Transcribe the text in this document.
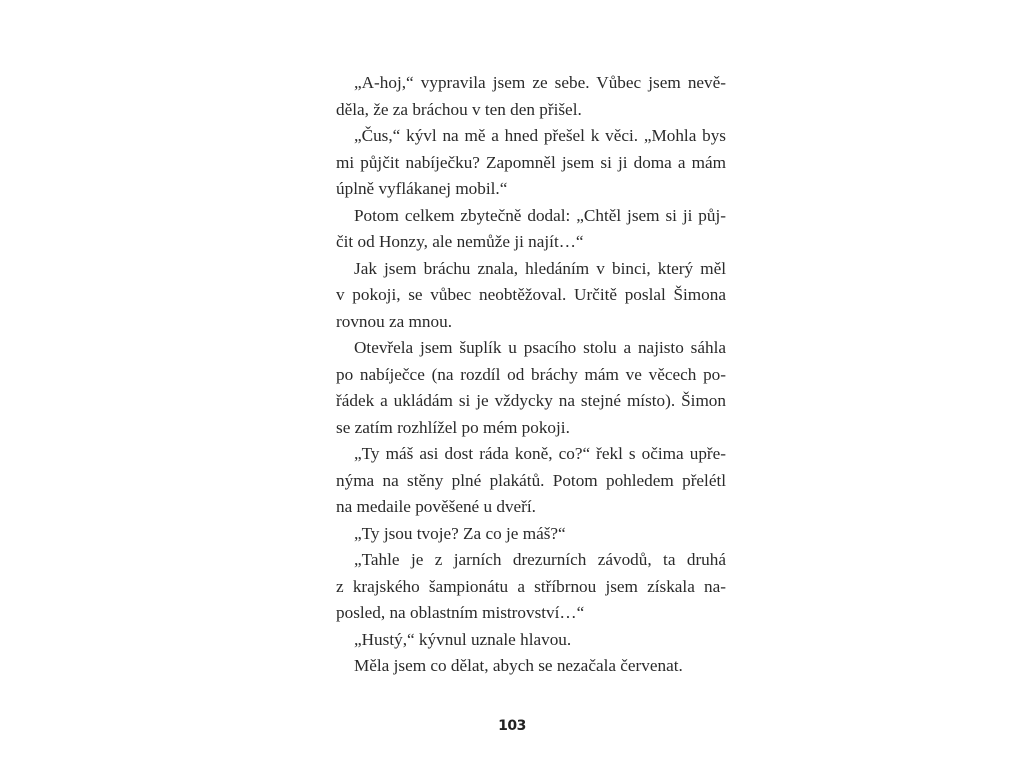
„A-hoj,“ vypravila jsem ze sebe. Vůbec jsem nevě-
děla, že za bráchou v ten den přišel.
„Čus,“ kývl na mě a hned přešel k věci. „Mohla bys
mi půjčit nabíječku? Zapomněl jsem si ji doma a mám
úplně vyflákanej mobil.“
Potom celkem zbytečně dodal: „Chtěl jsem si ji půj-
čit od Honzy, ale nemůže ji najít…“
Jak jsem bráchu znala, hledáním v binci, který měl
v pokoji, se vůbec neobtěžoval. Určitě poslal Šimona
rovnou za mnou.
Otevřela jsem šuplík u psacího stolu a najisto sáhla
po nabíječce (na rozdíl od bráchy mám ve věcech po-
řádek a ukládám si je vždycky na stejné místo). Šimon
se zatím rozhlížel po mém pokoji.
„Ty máš asi dost ráda koně, co?“ řekl s očima upře-
nýma na stěny plné plakátů. Potom pohledem přelétl
na medaile pověšené u dveří.
„Ty jsou tvoje? Za co je máš?“
„Tahle je z jarních drezurních závodů, ta druhá
z krajského šampionátu a stříbrnou jsem získala na-
posled, na oblastním mistrovství…“
„Hustý,“ kývnul uznale hlavou.
Měla jsem co dělat, abych se nezačala červenat.
103
